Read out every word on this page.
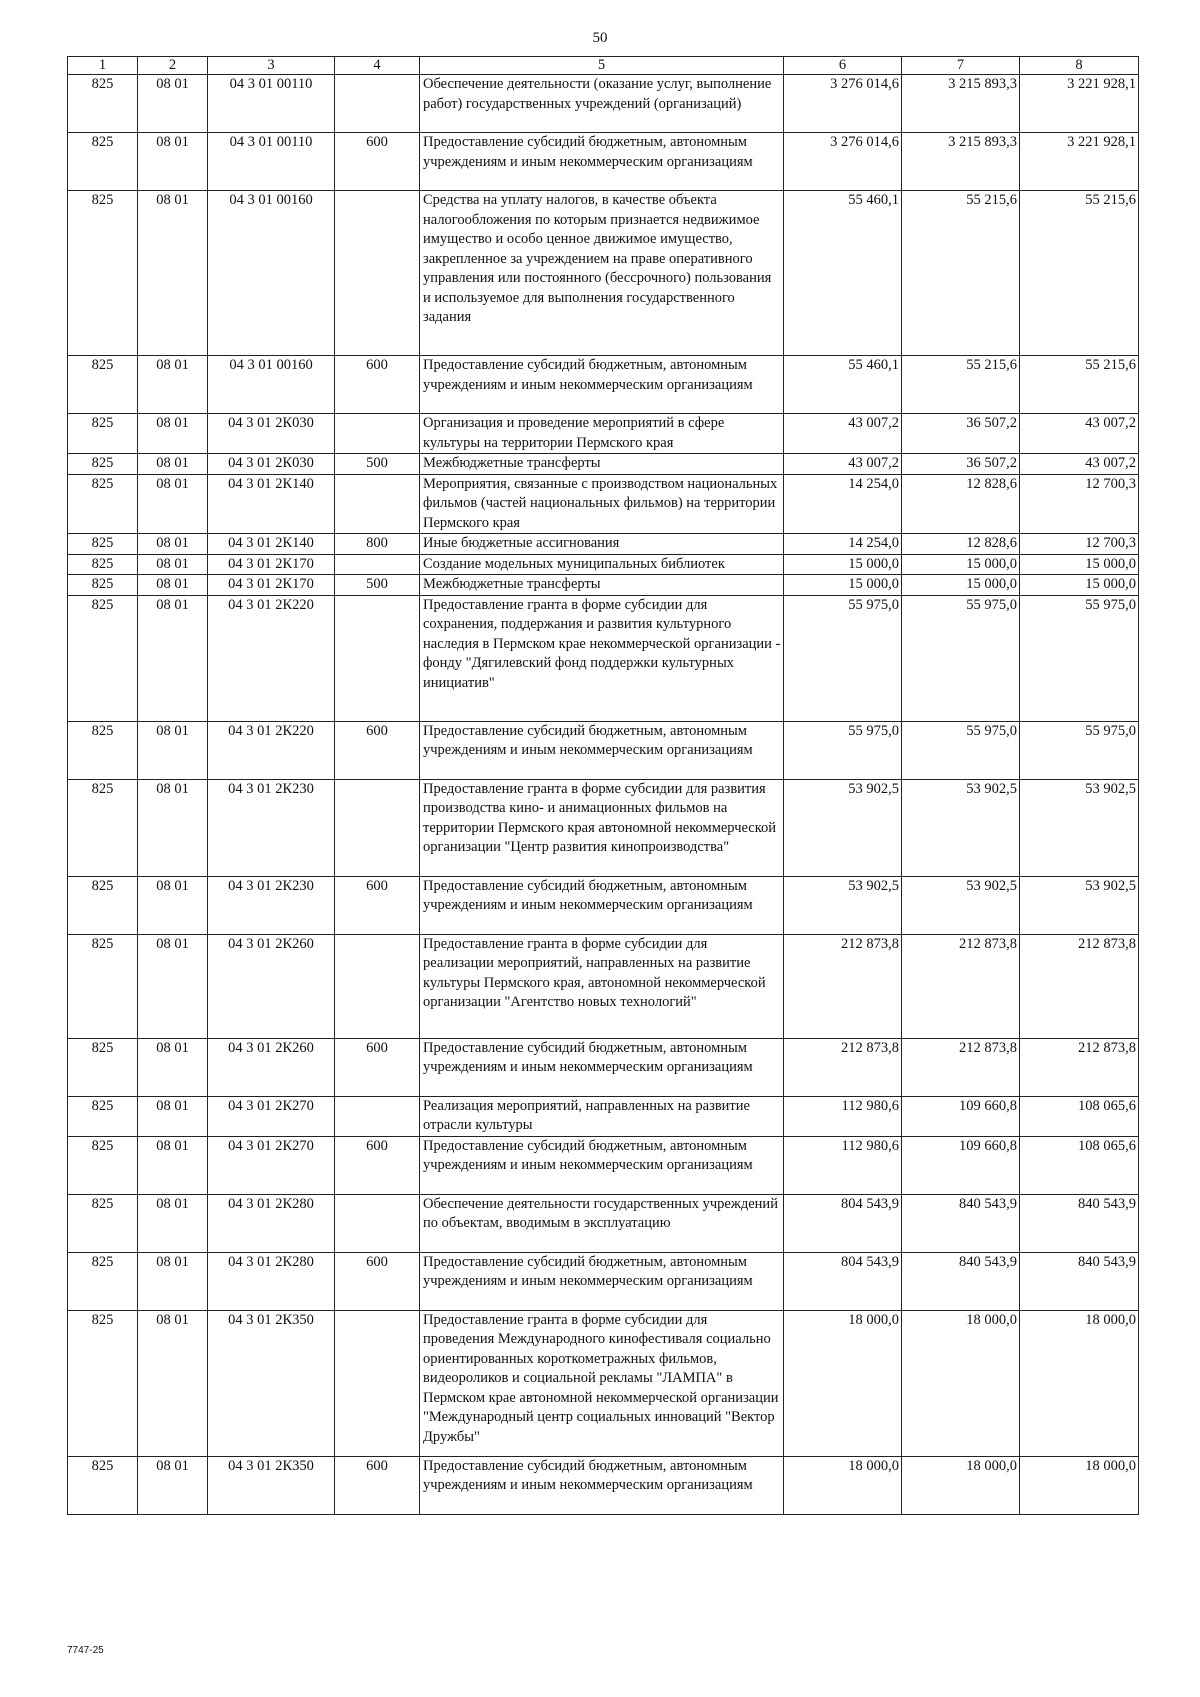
50
1	2	3	4	5	6	7	8
825	08 01	04 3 01 00110		Обеспечение деятельности (оказание услуг, выполнение работ) государственных учреждений (организаций)	3 276 014,6	3 215 893,3	3 221 928,1
825	08 01	04 3 01 00110	600	Предоставление субсидий бюджетным, автономным учреждениям и иным некоммерческим организациям	3 276 014,6	3 215 893,3	3 221 928,1
825	08 01	04 3 01 00160		Средства на уплату налогов, в качестве объекта налогообложения по которым признается недвижимое имущество и особо ценное движимое имущество, закрепленное за учреждением на праве оперативного управления или постоянного (бессрочного) пользования и используемое для выполнения государственного задания	55 460,1	55 215,6	55 215,6
825	08 01	04 3 01 00160	600	Предоставление субсидий бюджетным, автономным учреждениям и иным некоммерческим организациям	55 460,1	55 215,6	55 215,6
825	08 01	04 3 01 2К030		Организация и проведение мероприятий в сфере культуры на территории Пермского края	43 007,2	36 507,2	43 007,2
825	08 01	04 3 01 2К030	500	Межбюджетные трансферты	43 007,2	36 507,2	43 007,2
825	08 01	04 3 01 2К140		Мероприятия, связанные с производством национальных фильмов (частей национальных фильмов) на территории Пермского края	14 254,0	12 828,6	12 700,3
825	08 01	04 3 01 2К140	800	Иные бюджетные ассигнования	14 254,0	12 828,6	12 700,3
825	08 01	04 3 01 2К170		Создание модельных муниципальных библиотек	15 000,0	15 000,0	15 000,0
825	08 01	04 3 01 2К170	500	Межбюджетные трансферты	15 000,0	15 000,0	15 000,0
825	08 01	04 3 01 2К220		Предоставление гранта в форме субсидии для сохранения, поддержания и развития культурного наследия в Пермском крае некоммерческой организации - фонду "Дягилевский фонд поддержки культурных инициатив"	55 975,0	55 975,0	55 975,0
825	08 01	04 3 01 2К220	600	Предоставление субсидий бюджетным, автономным учреждениям и иным некоммерческим организациям	55 975,0	55 975,0	55 975,0
825	08 01	04 3 01 2К230		Предоставление гранта в форме субсидии для развития производства кино- и анимационных фильмов на территории Пермского края автономной некоммерческой организации "Центр развития кинопроизводства"	53 902,5	53 902,5	53 902,5
825	08 01	04 3 01 2К230	600	Предоставление субсидий бюджетным, автономным учреждениям и иным некоммерческим организациям	53 902,5	53 902,5	53 902,5
825	08 01	04 3 01 2К260		Предоставление гранта в форме субсидии для реализации мероприятий, направленных на развитие культуры Пермского края, автономной некоммерческой организации "Агентство новых технологий"	212 873,8	212 873,8	212 873,8
825	08 01	04 3 01 2К260	600	Предоставление субсидий бюджетным, автономным учреждениям и иным некоммерческим организациям	212 873,8	212 873,8	212 873,8
825	08 01	04 3 01 2К270		Реализация мероприятий, направленных на развитие отрасли культуры	112 980,6	109 660,8	108 065,6
825	08 01	04 3 01 2К270	600	Предоставление субсидий бюджетным, автономным учреждениям и иным некоммерческим организациям	112 980,6	109 660,8	108 065,6
825	08 01	04 3 01 2К280		Обеспечение деятельности государственных учреждений по объектам, вводимым в эксплуатацию	804 543,9	840 543,9	840 543,9
825	08 01	04 3 01 2К280	600	Предоставление субсидий бюджетным, автономным учреждениям и иным некоммерческим организациям	804 543,9	840 543,9	840 543,9
825	08 01	04 3 01 2К350		Предоставление гранта в форме субсидии для проведения Международного кинофестиваля социально ориентированных короткометражных фильмов, видеороликов и социальной рекламы "ЛАМПА" в Пермском крае автономной некоммерческой организации "Международный центр социальных инноваций "Вектор Дружбы"	18 000,0	18 000,0	18 000,0
825	08 01	04 3 01 2К350	600	Предоставление субсидий бюджетным, автономным учреждениям и иным некоммерческим организациям	18 000,0	18 000,0	18 000,0
7747-25
